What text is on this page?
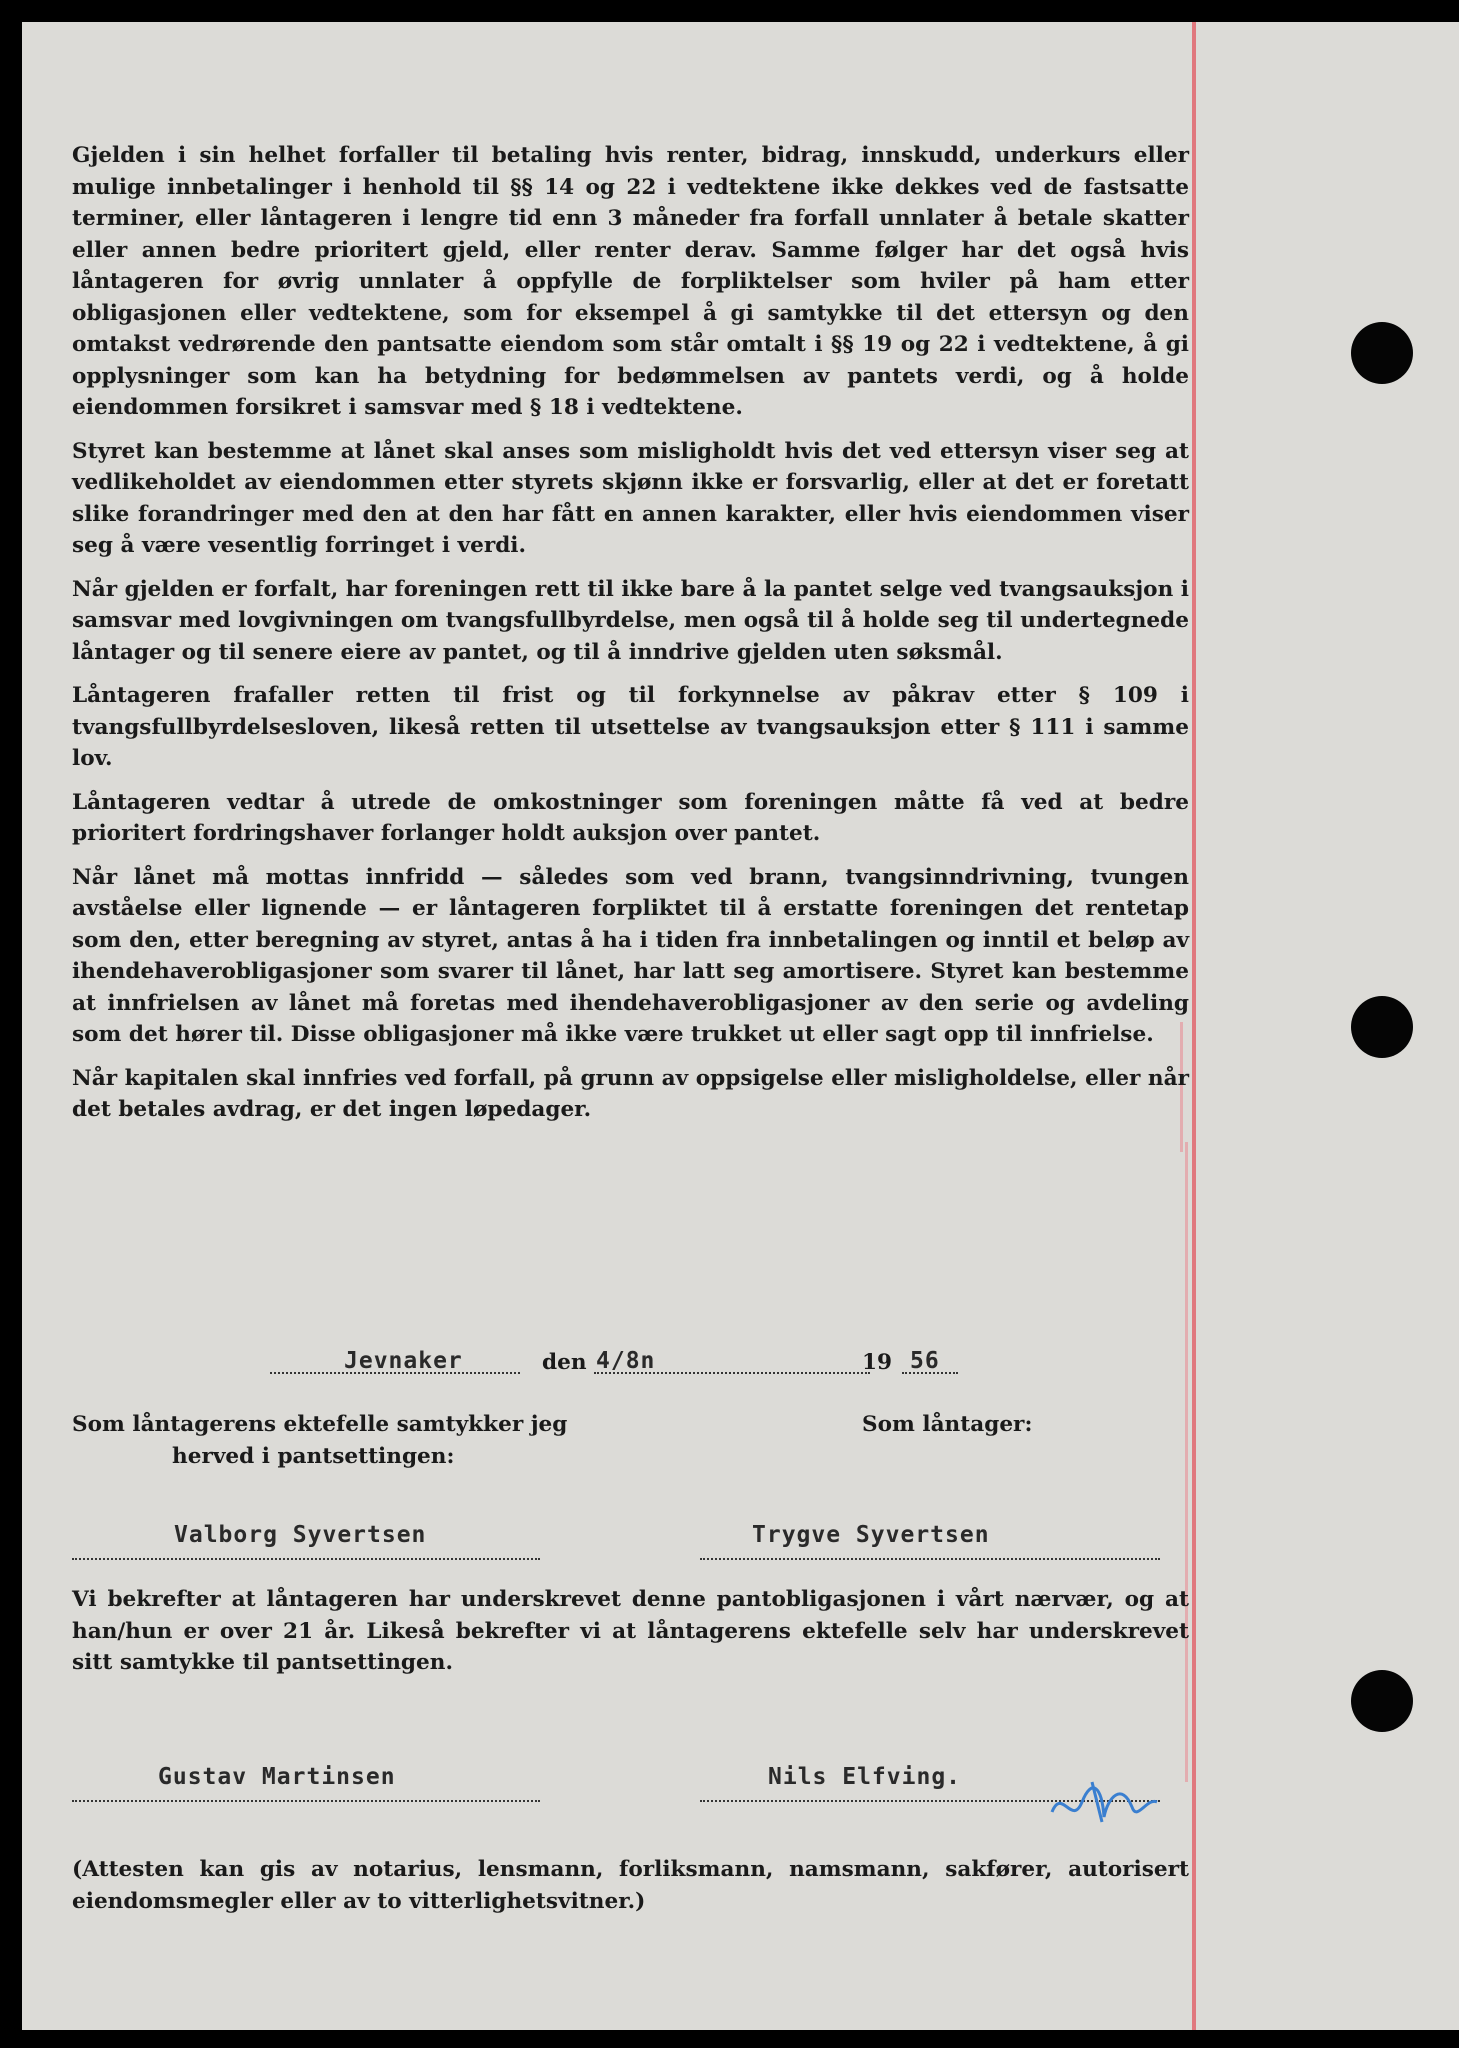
Gjelden i sin helhet forfaller til betaling hvis renter, bidrag, innskudd, underkurs eller mulige innbetalinger i henhold til §§ 14 og 22 i vedtektene ikke dekkes ved de fastsatte terminer, eller låntageren i lengre tid enn 3 måneder fra forfall unnlater å betale skatter eller annen bedre prioritert gjeld, eller renter derav. Samme følger har det også hvis låntageren for øvrig unnlater å oppfylle de forpliktelser som hviler på ham etter obligasjonen eller vedtektene, som for eksempel å gi samtykke til det ettersyn og den omtakst vedrørende den pantsatte eiendom som står omtalt i §§ 19 og 22 i vedtektene, å gi opplysninger som kan ha betydning for bedømmelsen av pantets verdi, og å holde eiendommen forsikret i samsvar med § 18 i vedtektene.

Styret kan bestemme at lånet skal anses som misligholdt hvis det ved ettersyn viser seg at vedlikeholdet av eiendommen etter styrets skjønn ikke er forsvarlig, eller at det er foretatt slike forandringer med den at den har fått en annen karakter, eller hvis eiendommen viser seg å være vesentlig forringet i verdi.

Når gjelden er forfalt, har foreningen rett til ikke bare å la pantet selge ved tvangsauksjon i samsvar med lovgivningen om tvangsfullbyrdelse, men også til å holde seg til undertegnede låntager og til senere eiere av pantet, og til å inndrive gjelden uten søksmål.

Låntageren frafaller retten til frist og til forkynnelse av påkrav etter § 109 i tvangsfullbyrdelsesloven, likeså retten til utsettelse av tvangsauksjon etter § 111 i samme lov.

Låntageren vedtar å utrede de omkostninger som foreningen måtte få ved at bedre prioritert fordringshaver forlanger holdt auksjon over pantet.

Når lånet må mottas innfridd — således som ved brann, tvangsinndrivning, tvungen avståelse eller lignende — er låntageren forpliktet til å erstatte foreningen det rentetap som den, etter beregning av styret, antas å ha i tiden fra innbetalingen og inntil et beløp av ihendehaverobligasjoner som svarer til lånet, har latt seg amortisere. Styret kan bestemme at innfrielsen av lånet må foretas med ihendehaverobligasjoner av den serie og avdeling som det hører til. Disse obligasjoner må ikke være trukket ut eller sagt opp til innfrielse.

Når kapitalen skal innfries ved forfall, på grunn av oppsigelse eller misligholdelse, eller når det betales avdrag, er det ingen løpedager.

Jevnaker	den 4/8n	19 56
Som låntagerens ektefelle samtykker jeg
herved i pantsettingen:
Som låntager:
Valborg Syvertsen	Trygve Syvertsen
Vi bekrefter at låntageren har underskrevet denne pantobligasjonen i vårt nærvær, og at han/hun er over 21 år. Likeså bekrefter vi at låntagerens ektefelle selv har underskrevet sitt samtykke til pantsettingen.
Gustav Martinsen	Nils Elfving.
(Attesten kan gis av notarius, lensmann, forliksmann, namsmann, sakfører, autorisert eiendomsmegler eller av to vitterlighetsvitner.)
